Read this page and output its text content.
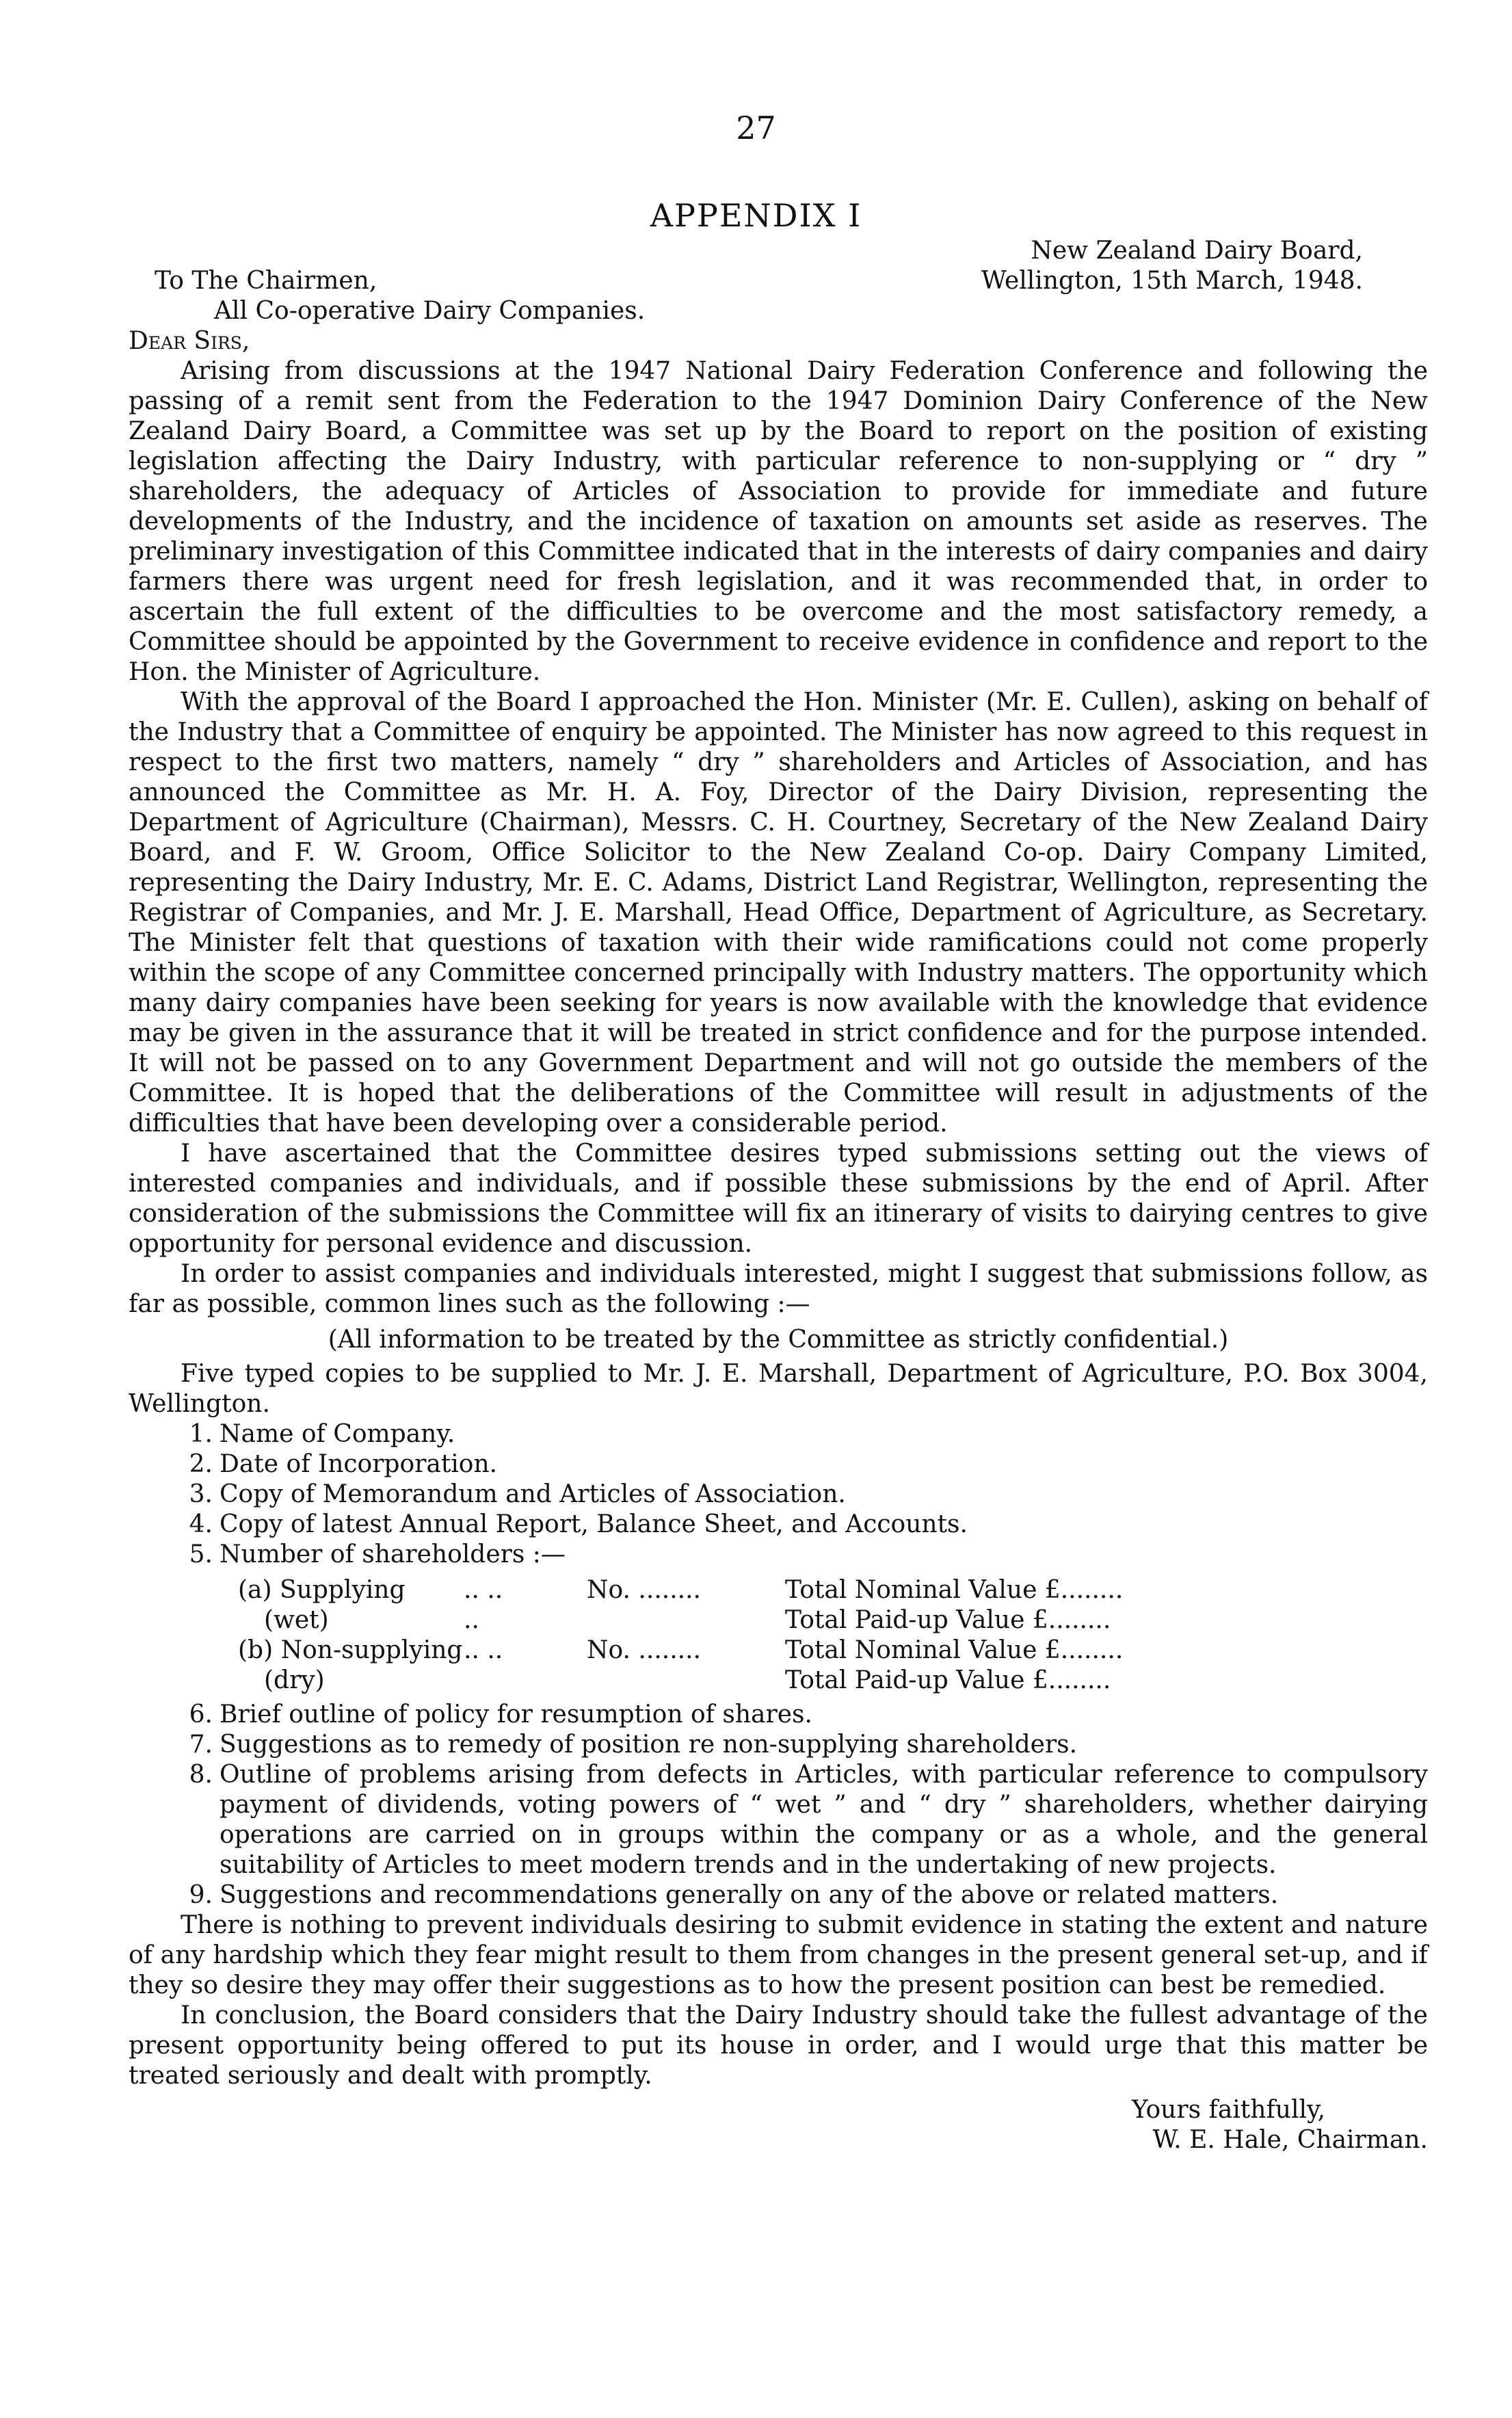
27
APPENDIX I
New Zealand Dairy Board,
To The Chairmen,	Wellington, 15th March, 1948.
All Co-operative Dairy Companies.
Dear Sirs,

Arising from discussions at the 1947 National Dairy Federation Conference and following the passing of a remit sent from the Federation to the 1947 Dominion Dairy Conference of the New Zealand Dairy Board, a Committee was set up by the Board to report on the position of existing legislation affecting the Dairy Industry, with particular reference to non-supplying or “ dry ” shareholders, the adequacy of Articles of Association to provide for immediate and future developments of the Industry, and the incidence of taxation on amounts set aside as reserves. The preliminary investigation of this Committee indicated that in the interests of dairy companies and dairy farmers there was urgent need for fresh legislation, and it was recommended that, in order to ascertain the full extent of the difficulties to be overcome and the most satisfactory remedy, a Committee should be appointed by the Government to receive evidence in confidence and report to the Hon. the Minister of Agriculture.

With the approval of the Board I approached the Hon. Minister (Mr. E. Cullen), asking on behalf of the Industry that a Committee of enquiry be appointed. The Minister has now agreed to this request in respect to the first two matters, namely “ dry ” shareholders and Articles of Association, and has announced the Committee as Mr. H. A. Foy, Director of the Dairy Division, representing the Department of Agriculture (Chairman), Messrs. C. H. Courtney, Secretary of the New Zealand Dairy Board, and F. W. Groom, Office Solicitor to the New Zealand Co-op. Dairy Company Limited, representing the Dairy Industry, Mr. E. C. Adams, District Land Registrar, Wellington, representing the Registrar of Companies, and Mr. J. E. Marshall, Head Office, Department of Agriculture, as Secretary. The Minister felt that questions of taxation with their wide ramifications could not come properly within the scope of any Committee concerned principally with Industry matters. The opportunity which many dairy companies have been seeking for years is now available with the knowledge that evidence may be given in the assurance that it will be treated in strict confidence and for the purpose intended. It will not be passed on to any Government Department and will not go outside the members of the Committee. It is hoped that the deliberations of the Committee will result in adjustments of the difficulties that have been developing over a considerable period.

I have ascertained that the Committee desires typed submissions setting out the views of interested companies and individuals, and if possible these submissions by the end of April. After consideration of the submissions the Committee will fix an itinerary of visits to dairying centres to give opportunity for personal evidence and discussion.

In order to assist companies and individuals interested, might I suggest that submissions follow, as far as possible, common lines such as the following :—

(All information to be treated by the Committee as strictly confidential.)

Five typed copies to be supplied to Mr. J. E. Marshall, Department of Agriculture, P.O. Box 3004, Wellington.

1. Name of Company.
2. Date of Incorporation.
3. Copy of Memorandum and Articles of Association.
4. Copy of latest Annual Report, Balance Sheet, and Accounts.
5. Number of shareholders :—
(a) Supplying	.. ..	No. ........	Total Nominal Value £........
(wet)	..	Total Paid-up Value £........
(b) Non-supplying .. ..	No. ........	Total Nominal Value £........
(dry)	Total Paid-up Value £........
6. Brief outline of policy for resumption of shares.
7. Suggestions as to remedy of position re non-supplying shareholders.
8. Outline of problems arising from defects in Articles, with particular reference to compulsory payment of dividends, voting powers of “ wet ” and “ dry ” shareholders, whether dairying operations are carried on in groups within the company or as a whole, and the general suitability of Articles to meet modern trends and in the undertaking of new projects.
9. Suggestions and recommendations generally on any of the above or related matters.

There is nothing to prevent individuals desiring to submit evidence in stating the extent and nature of any hardship which they fear might result to them from changes in the present general set-up, and if they so desire they may offer their suggestions as to how the present position can best be remedied.

In conclusion, the Board considers that the Dairy Industry should take the fullest advantage of the present opportunity being offered to put its house in order, and I would urge that this matter be treated seriously and dealt with promptly.

Yours faithfully,
W. E. Hale, Chairman.
